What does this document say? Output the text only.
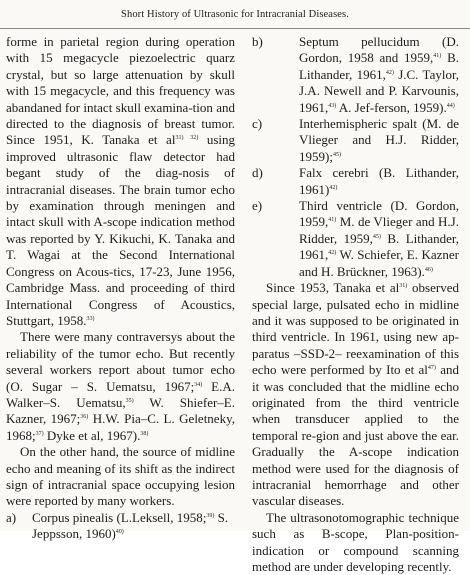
Short History of Ultrasonic for Intracranial Diseases.

forme in parietal region during operation with 15 megacycle piezoelectric quarz crystal, but so large attenuation by skull with 15 megacycle, and this frequency was abandaned for intact skull examina-tion and directed to the diagnosis of breast tumor. Since 1951, K. Tanaka et $al^{31) 32)}$ using improved ultrasonic flaw detector had begant study of the diag-nosis of intracranial diseases. The brain tumor echo by examination through meningen and intact skull with A-scope indication method was reported by Y. Kikuchi, K. Tanaka and T. Wagai at the Second International Congress on Acous-tics, 17-23, June 1956, Cambridge Mass. and proceeding of third International Congress of Acoustics, Stuttgart, 1958.$^{33)}$

There were many contraversys about the reliability of the tumor echo. But recently several workers report about tumor echo (O. Sugar – S. Uematsu, 1967;$^{34)}$ E.A. Walker–S. Uematsu,$^{35)}$ W. Shiefer–E. Kazner, 1967;$^{36)}$ H.W. Pia–C. L. Geletneky, 1968;$^{37)}$ Dyke et al, 1967).$^{38)}$

On the other hand, the source of midline echo and meaning of its shift as the indirect sign of intracranial space occupying lesion were reported by many workers.

a) Corpus pinealis (L.Leksell, 1958;$^{39)}$ S. Jeppsson, 1960)$^{40)}$

b)	Septum pellucidum (D. Gordon, 1958 and 1959,$^{41)}$ B. Lithander, 1961,$^{42)}$ J.C. Taylor, J.A. Newell and P. Karvounis, 1961,$^{43)}$ A. Jef-ferson, 1959).$^{44)}$

c)	Interhemispheric spalt (M. de Vlieger and H.J. Ridder, 1959);$^{45)}$

d)	Falx cerebri (B. Lithander, 1961)$^{42)}$

e)	Third ventricle (D. Gordon, 1959,$^{41)}$ M. de Vlieger and H.J. Ridder, 1959,$^{45)}$ B. Lithander, 1961,$^{42)}$ W. Schiefer, E. Kazner and H. Brückner, 1963).$^{46)}$

Since 1953, Tanaka et $al^{31)}$ observed special large, pulsated echo in midline and it was supposed to be originated in third ventricle. In 1961, using new ap-paratus –SSD-2– reexamination of this echo were performed by Ito et $al^{47)}$ and it was concluded that the midline echo originated from the third ventricle when transducer applied to the temporal re-gion and just above the ear. Gradually the A-scope indication method were used for the diagnosis of intracranial hemorrhage and other vascular diseases.

The ultrasonotomographic technique such as B-scope, Plan-position-indication or compound scanning method are under developing recently.
